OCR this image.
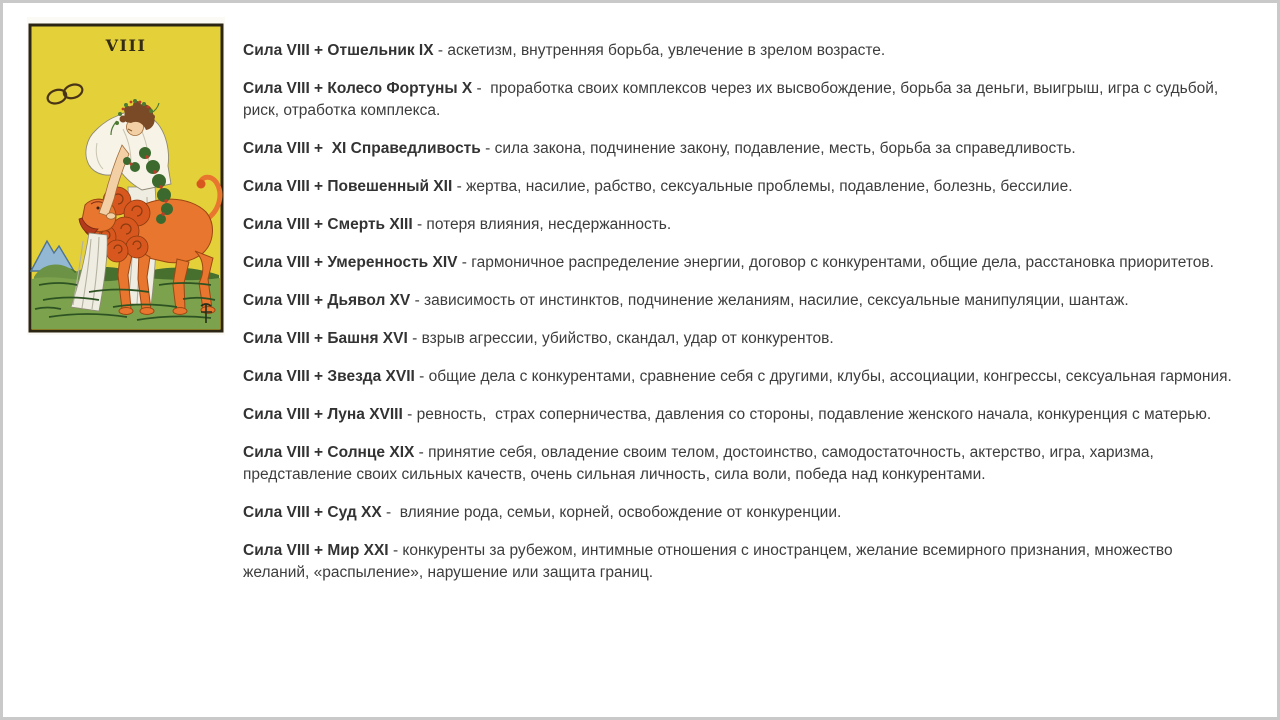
VIII	Сила VIII + Отшельник IX - аскетизм, внутренняя борьба, увлечение в зрелом возрасте.

Сила VIII + Колесо Фортуны X -  проработка своих комплексов через их высвобождение, борьба за деньги, выигрыш, игра с судьбой, риск, отработка комплекса.

Сила VIII +  XI Справедливость - сила закона, подчинение закону, подавление, месть, борьба за справедливость.

Сила VIII + Повешенный XII - жертва, насилие, рабство, сексуальные проблемы, подавление, болезнь, бессилие.

Сила VIII + Смерть XIII - потеря влияния, несдержанность.

Сила VIII + Умеренность XIV - гармоничное распределение энергии, договор с конкурентами, общие дела, расстановка приоритетов.

Сила VIII + Дьявол XV - зависимость от инстинктов, подчинение желаниям, насилие, сексуальные манипуляции, шантаж.

Сила VIII + Башня XVI - взрыв агрессии, убийство, скандал, удар от конкурентов.

Сила VIII + Звезда XVII - общие дела с конкурентами, сравнение себя с другими, клубы, ассоциации, конгрессы, сексуальная гармония.

Сила VIII + Луна XVIII - ревность,  страх соперничества, давления со стороны, подавление женского начала, конкуренция с матерью.

Сила VIII + Солнце XIX - принятие себя, овладение своим телом, достоинство, самодостаточность, актерство, игра, харизма, представление своих сильных качеств, очень сильная личность, сила воли, победа над конкурентами.

Сила VIII + Суд XX -  влияние рода, семьи, корней, освобождение от конкуренции.

Сила VIII + Мир XXI - конкуренты за рубежом, интимные отношения с иностранцем, желание всемирного признания, множество желаний, «распыление», нарушение или защита границ.
